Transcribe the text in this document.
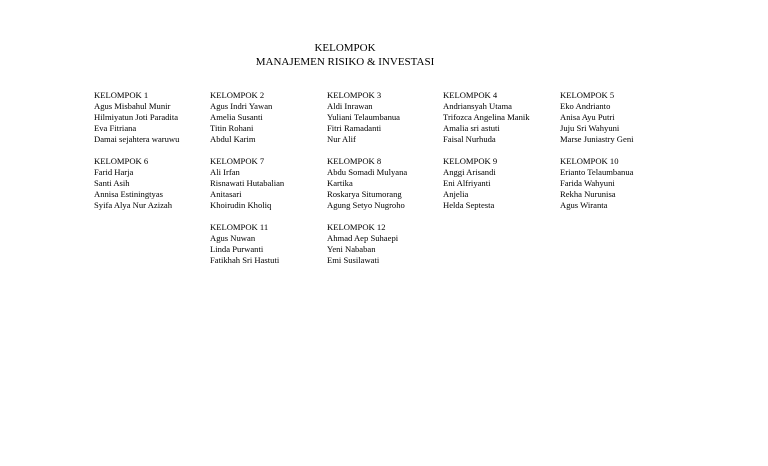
KELOMPOK
MANAJEMEN RISIKO & INVESTASI
KELOMPOK 1
Agus Misbahul Munir
Hilmiyatun Joti Paradita
Eva Fitriana
Damai sejahtera waruwu
KELOMPOK 2
Agus Indri Yawan
Amelia Susanti
Titin Rohani
Abdul Karim
KELOMPOK 3
Aldi Inrawan
Yuliani Telaumbanua
Fitri Ramadanti
Nur Alif
KELOMPOK 4
Andriansyah Utama
Trifozca Angelina Manik
Amalia sri astuti
Faisal Nurhuda
KELOMPOK 5
Eko Andrianto
Anisa Ayu Putri
Juju Sri Wahyuni
Marse Juniastry Geni
KELOMPOK 6
Farid Harja
Santi Asih
Annisa Estiningtyas
Syifa Alya Nur Azizah
KELOMPOK 7
Ali Irfan
Risnawati Hutabalian
Anitasari
Khoirudin Kholiq
KELOMPOK 8
Abdu Somadi Mulyana
Kartika
Roskarya Situmorang
Agung Setyo Nugroho
KELOMPOK 9
Anggi Arisandi
Eni Alfriyanti
Anjelia
Helda Septesta
KELOMPOK 10
Erianto Telaumbanua
Farida Wahyuni
Rekha Nurunisa
Agus Wiranta
KELOMPOK 11
Agus Nuwan
Linda Purwanti
Fatikhah Sri Hastuti
KELOMPOK 12
Ahmad Aep Suhaepi
Yeni Nababan
Emi Susilawati
